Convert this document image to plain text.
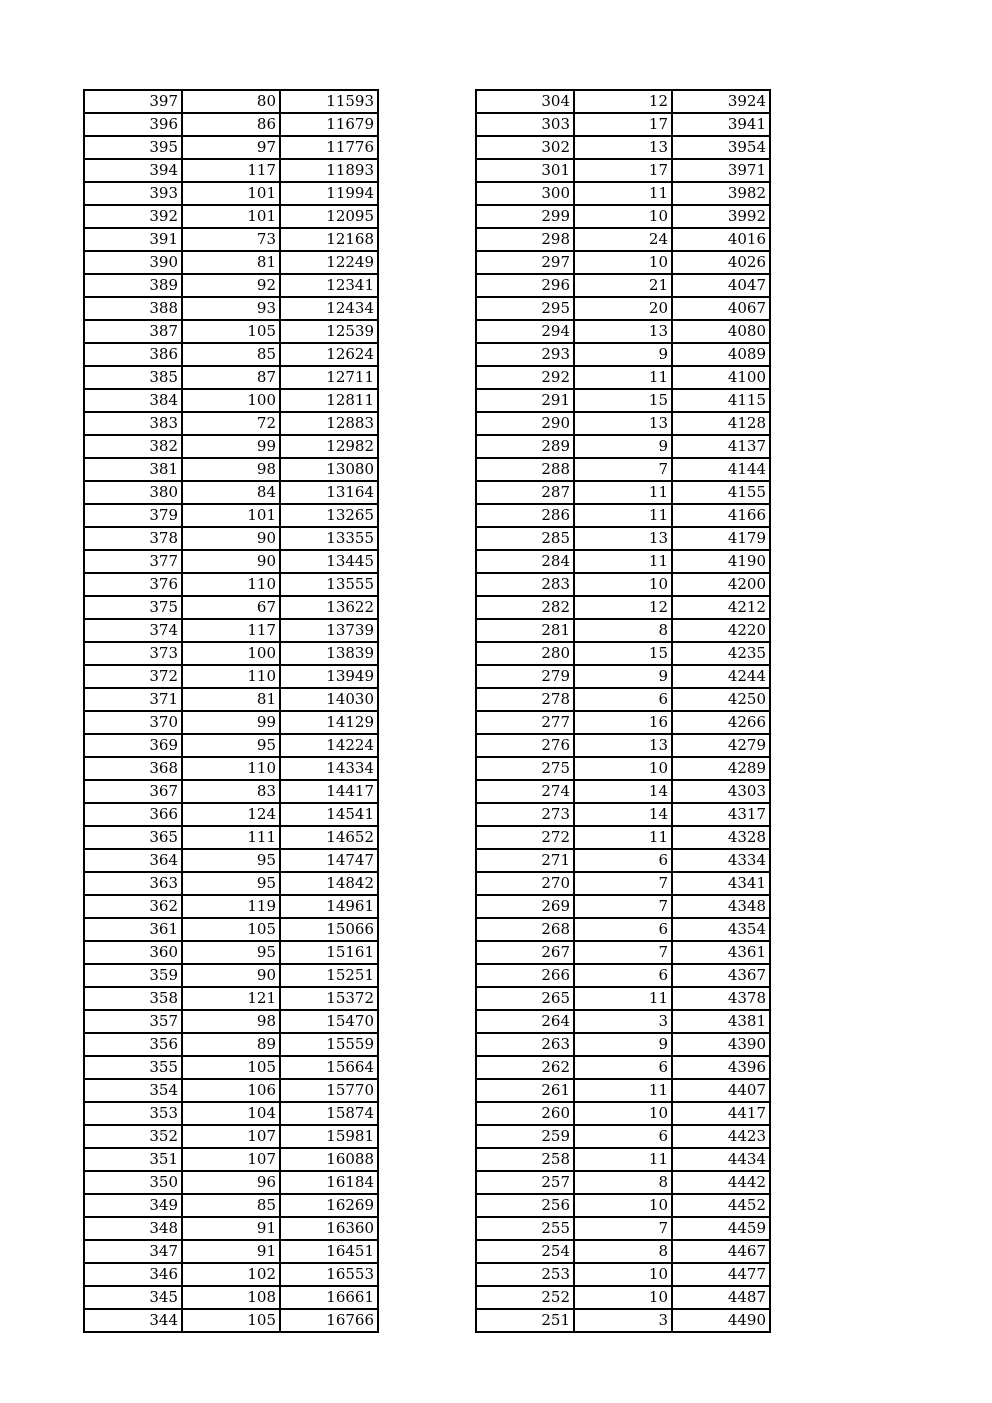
397	80	11593
396	86	11679
395	97	11776
394	117	11893
393	101	11994
392	101	12095
391	73	12168
390	81	12249
389	92	12341
388	93	12434
387	105	12539
386	85	12624
385	87	12711
384	100	12811
383	72	12883
382	99	12982
381	98	13080
380	84	13164
379	101	13265
378	90	13355
377	90	13445
376	110	13555
375	67	13622
374	117	13739
373	100	13839
372	110	13949
371	81	14030
370	99	14129
369	95	14224
368	110	14334
367	83	14417
366	124	14541
365	111	14652
364	95	14747
363	95	14842
362	119	14961
361	105	15066
360	95	15161
359	90	15251
358	121	15372
357	98	15470
356	89	15559
355	105	15664
354	106	15770
353	104	15874
352	107	15981
351	107	16088
350	96	16184
349	85	16269
348	91	16360
347	91	16451
346	102	16553
345	108	16661
344	105	16766
304	12	3924
303	17	3941
302	13	3954
301	17	3971
300	11	3982
299	10	3992
298	24	4016
297	10	4026
296	21	4047
295	20	4067
294	13	4080
293	9	4089
292	11	4100
291	15	4115
290	13	4128
289	9	4137
288	7	4144
287	11	4155
286	11	4166
285	13	4179
284	11	4190
283	10	4200
282	12	4212
281	8	4220
280	15	4235
279	9	4244
278	6	4250
277	16	4266
276	13	4279
275	10	4289
274	14	4303
273	14	4317
272	11	4328
271	6	4334
270	7	4341
269	7	4348
268	6	4354
267	7	4361
266	6	4367
265	11	4378
264	3	4381
263	9	4390
262	6	4396
261	11	4407
260	10	4417
259	6	4423
258	11	4434
257	8	4442
256	10	4452
255	7	4459
254	8	4467
253	10	4477
252	10	4487
251	3	4490
